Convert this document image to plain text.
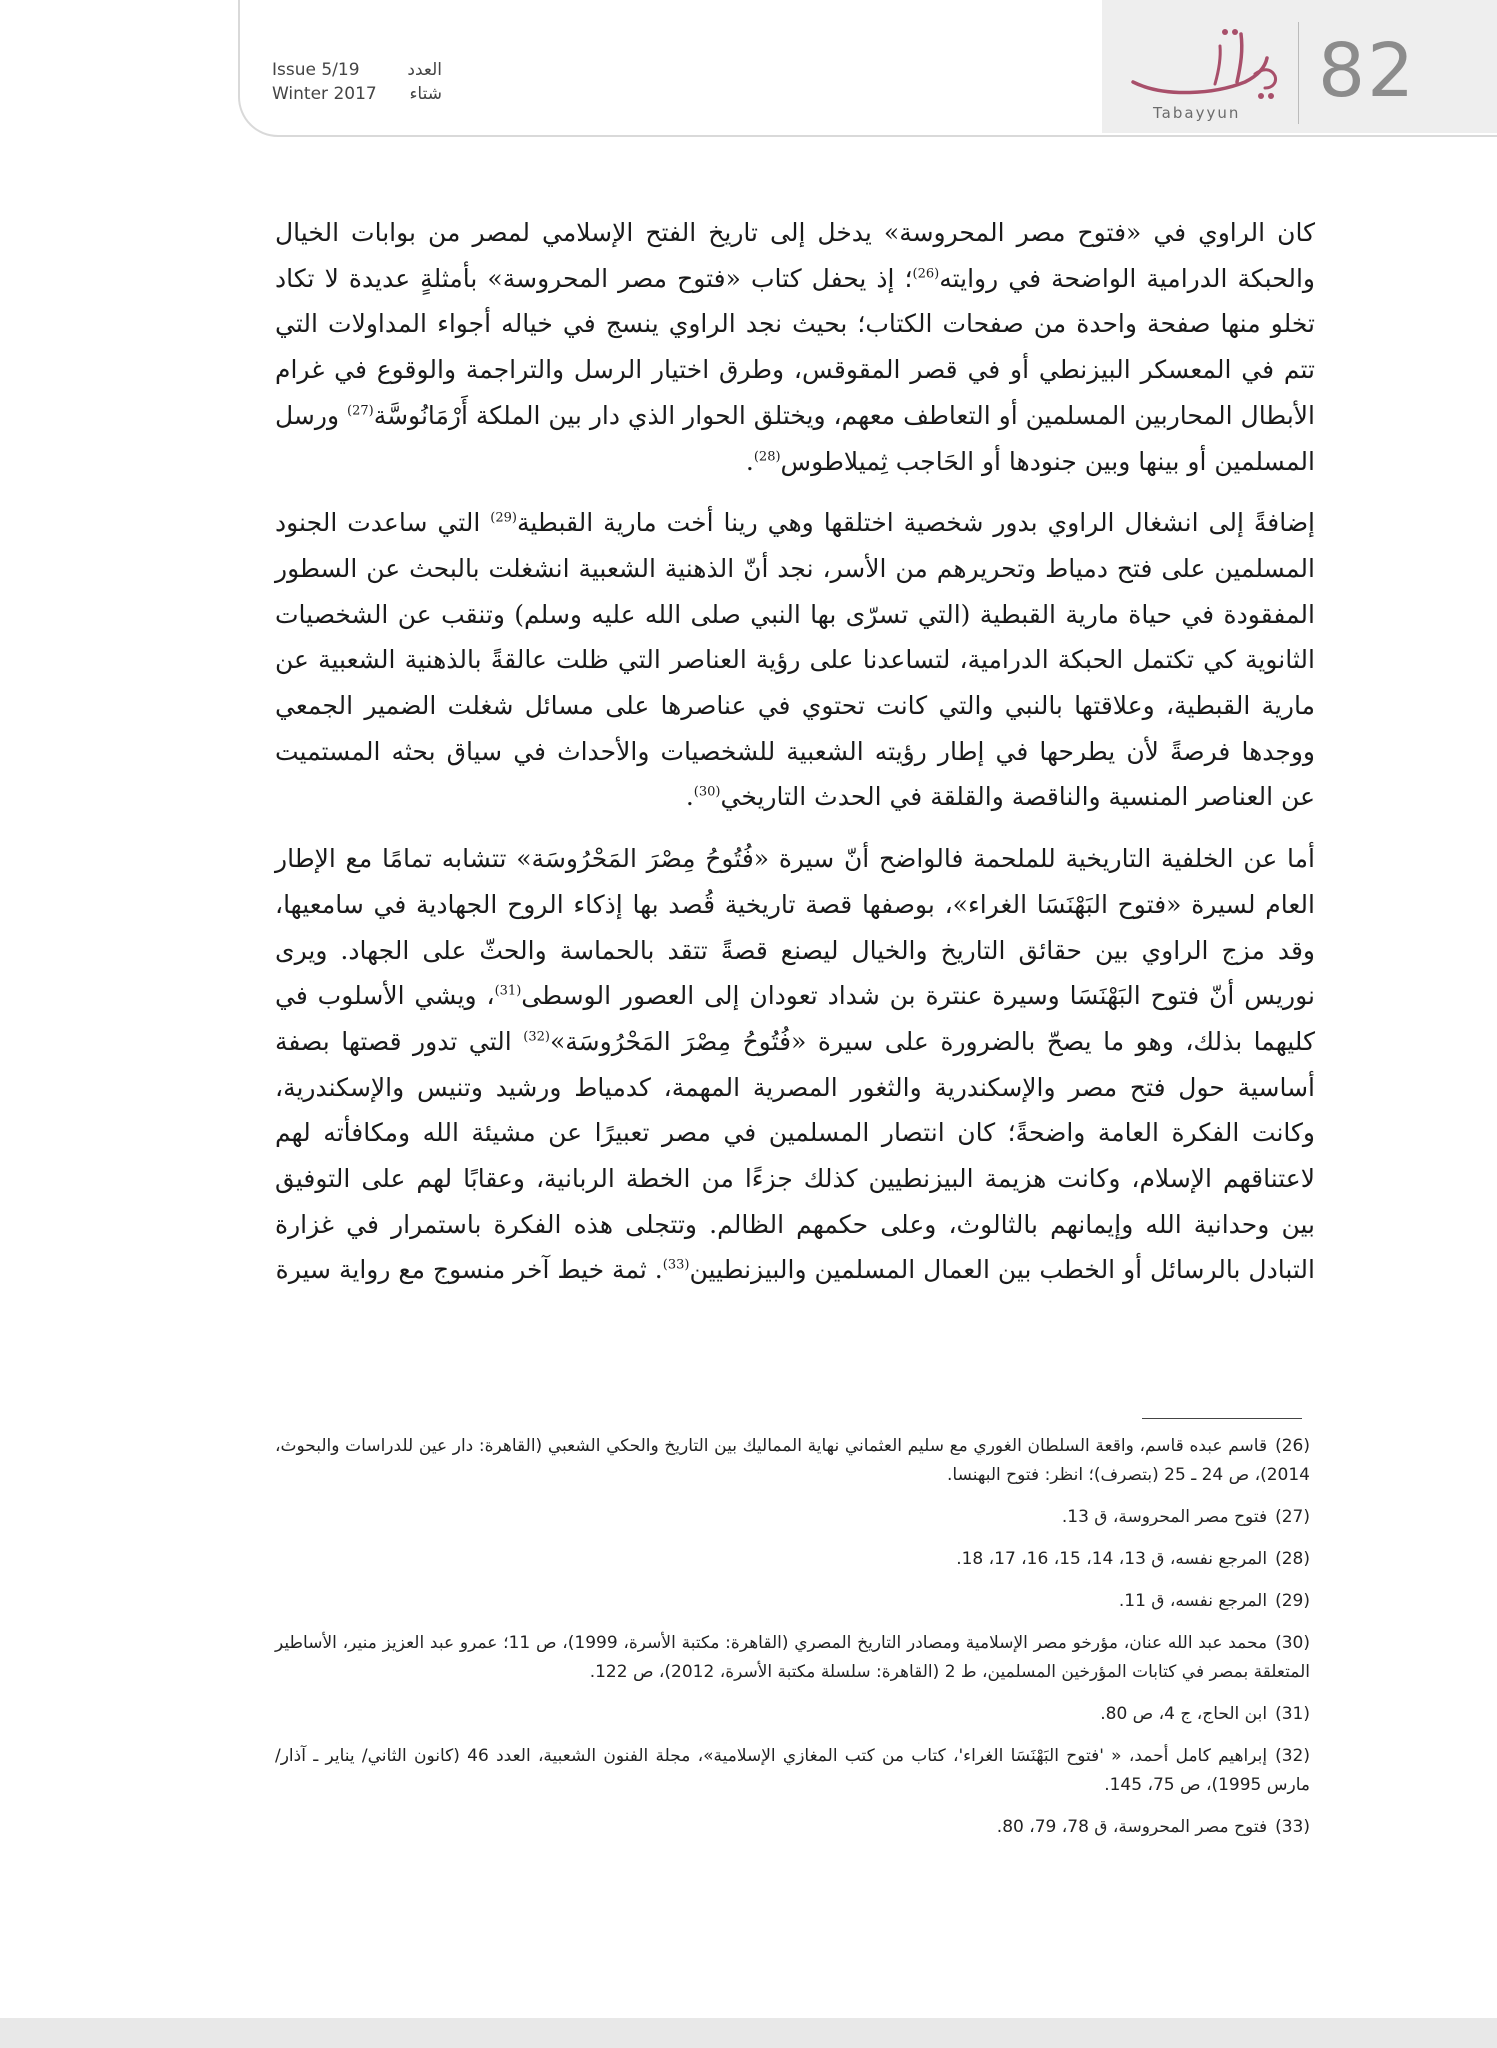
Issue 5/19	العدد
Winter 2017 شتاء
Tabayyun 82

كان الراوي في «فتوح مصر المحروسة» يدخل إلى تاريخ الفتح الإسلامي لمصر من بوابات الخيال والحبكة الدرامية الواضحة في روايته$^{(26)}$؛ إذ يحفل كتاب «فتوح مصر المحروسة» بأمثلةٍ عديدة لا تكاد تخلو منها صفحة واحدة من صفحات الكتاب؛ بحيث نجد الراوي ينسج في خياله أجواء المداولات التي تتم في المعسكر البيزنطي أو في قصر المقوقس، وطرق اختيار الرسل والتراجمة والوقوع في غرام الأبطال المحاربين المسلمين أو التعاطف معهم، ويختلق الحوار الذي دار بين الملكة أَرْمَانُوسَّة$^{(27)}$ ورسل المسلمين أو بينها وبين جنودها أو الحَاجب ثِميلاطوس$^{(28)}$.

إضافةً إلى انشغال الراوي بدور شخصية اختلقها وهي رينا أخت مارية القبطية$^{(29)}$ التي ساعدت الجنود المسلمين على فتح دمياط وتحريرهم من الأسر، نجد أنّ الذهنية الشعبية انشغلت بالبحث عن السطور المفقودة في حياة مارية القبطية (التي تسرّى بها النبي صلى الله عليه وسلم) وتنقب عن الشخصيات الثانوية كي تكتمل الحبكة الدرامية، لتساعدنا على رؤية العناصر التي ظلت عالقةً بالذهنية الشعبية عن مارية القبطية، وعلاقتها بالنبي والتي كانت تحتوي في عناصرها على مسائل شغلت الضمير الجمعي ووجدها فرصةً لأن يطرحها في إطار رؤيته الشعبية للشخصيات والأحداث في سياق بحثه المستميت عن العناصر المنسية والناقصة والقلقة في الحدث التاريخي$^{(30)}$.

أما عن الخلفية التاريخية للملحمة فالواضح أنّ سيرة «فُتُوحُ مِصْرَ المَحْرُوسَة» تتشابه تمامًا مع الإطار العام لسيرة «فتوح البَهْنَسَا الغراء»، بوصفها قصة تاريخية قُصد بها إذكاء الروح الجهادية في سامعيها، وقد مزج الراوي بين حقائق التاريخ والخيال ليصنع قصةً تتقد بالحماسة والحثّ على الجهاد. ويرى نوريس أنّ فتوح البَهْنَسَا وسيرة عنترة بن شداد تعودان إلى العصور الوسطى$^{(31)}$، ويشي الأسلوب في كليهما بذلك، وهو ما يصحّ بالضرورة على سيرة «فُتُوحُ مِصْرَ المَحْرُوسَة»$^{(32)}$ التي تدور قصتها بصفة أساسية حول فتح مصر والإسكندرية والثغور المصرية المهمة، كدمياط ورشيد وتنيس والإسكندرية، وكانت الفكرة العامة واضحةً؛ كان انتصار المسلمين في مصر تعبيرًا عن مشيئة الله ومكافأته لهم لاعتناقهم الإسلام، وكانت هزيمة البيزنطيين كذلك جزءًا من الخطة الربانية، وعقابًا لهم على التوفيق بين وحدانية الله وإيمانهم بالثالوث، وعلى حكمهم الظالم. وتتجلى هذه الفكرة باستمرار في غزارة التبادل بالرسائل أو الخطب بين العمال المسلمين والبيزنطيين$^{(33)}$. ثمة خيط آخر منسوج مع رواية سيرة

(26)قاسم عبده قاسم، واقعة السلطان الغوري مع سليم العثماني نهاية المماليك بين التاريخ والحكي الشعبي (القاهرة: دار عين للدراسات والبحوث، 2014)، ص 24 ـ 25 (بتصرف)؛ انظر: فتوح البهنسا.
(27)فتوح مصر المحروسة، ق 13.
(28)المرجع نفسه، ق 13، 14، 15، 16، 17، 18.
(29)المرجع نفسه، ق 11.
(30)محمد عبد الله عنان، مؤرخو مصر الإسلامية ومصادر التاريخ المصري (القاهرة: مكتبة الأسرة، 1999)، ص 11؛ عمرو عبد العزيز منير، الأساطير المتعلقة بمصر في كتابات المؤرخين المسلمين، ط 2 (القاهرة: سلسلة مكتبة الأسرة، 2012)، ص 122.
(31)ابن الحاج، ج 4، ص 80.
(32)إبراهيم كامل أحمد، « 'فتوح البَهْنَسَا الغراء'، كتاب من كتب المغازي الإسلامية»، مجلة الفنون الشعبية، العدد 46 (كانون الثاني/ يناير ـ آذار/ مارس 1995)، ص 75، 145.
(33)فتوح مصر المحروسة، ق 78، 79، 80.
